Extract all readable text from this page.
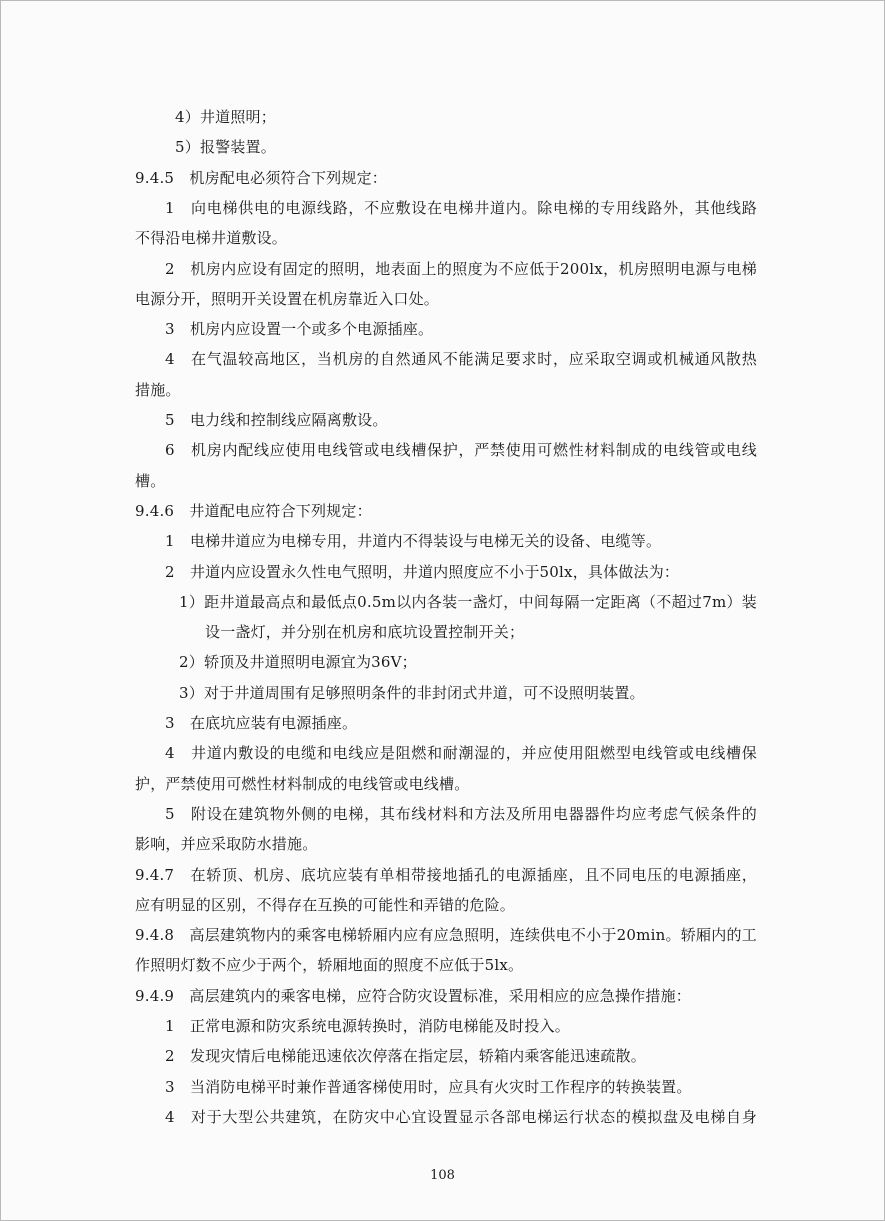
4）井道照明；
5）报警装置。
9.4.5　机房配电必须符合下列规定：
1　向电梯供电的电源线路，不应敷设在电梯井道内。除电梯的专用线路外，其他线路
不得沿电梯井道敷设。
2　机房内应设有固定的照明，地表面上的照度为不应低于200lx，机房照明电源与电梯
电源分开，照明开关设置在机房靠近入口处。
3　机房内应设置一个或多个电源插座。
4　在气温较高地区，当机房的自然通风不能满足要求时，应采取空调或机械通风散热
措施。
5　电力线和控制线应隔离敷设。
6　机房内配线应使用电线管或电线槽保护，严禁使用可燃性材料制成的电线管或电线
槽。
9.4.6　井道配电应符合下列规定：
1　电梯井道应为电梯专用，井道内不得装设与电梯无关的设备、电缆等。
2　井道内应设置永久性电气照明，井道内照度应不小于50lx，具体做法为：
1）距井道最高点和最低点0.5m以内各装一盏灯，中间每隔一定距离（不超过7m）装
设一盏灯，并分别在机房和底坑设置控制开关；
2）轿顶及井道照明电源宜为36V；
3）对于井道周围有足够照明条件的非封闭式井道，可不设照明装置。
3　在底坑应装有电源插座。
4　井道内敷设的电缆和电线应是阻燃和耐潮湿的，并应使用阻燃型电线管或电线槽保
护，严禁使用可燃性材料制成的电线管或电线槽。
5　附设在建筑物外侧的电梯，其布线材料和方法及所用电器器件均应考虑气候条件的
影响，并应采取防水措施。
9.4.7　在轿顶、机房、底坑应装有单相带接地插孔的电源插座，且不同电压的电源插座，
应有明显的区别，不得存在互换的可能性和弄错的危险。
9.4.8　高层建筑物内的乘客电梯轿厢内应有应急照明，连续供电不小于20min。轿厢内的工
作照明灯数不应少于两个，轿厢地面的照度不应低于5lx。
9.4.9　高层建筑内的乘客电梯，应符合防灾设置标准，采用相应的应急操作措施：
1　正常电源和防灾系统电源转换时，消防电梯能及时投入。
2　发现灾情后电梯能迅速依次停落在指定层，轿箱内乘客能迅速疏散。
3　当消防电梯平时兼作普通客梯使用时，应具有火灾时工作程序的转换装置。
4　对于大型公共建筑，在防灾中心宜设置显示各部电梯运行状态的模拟盘及电梯自身
108
